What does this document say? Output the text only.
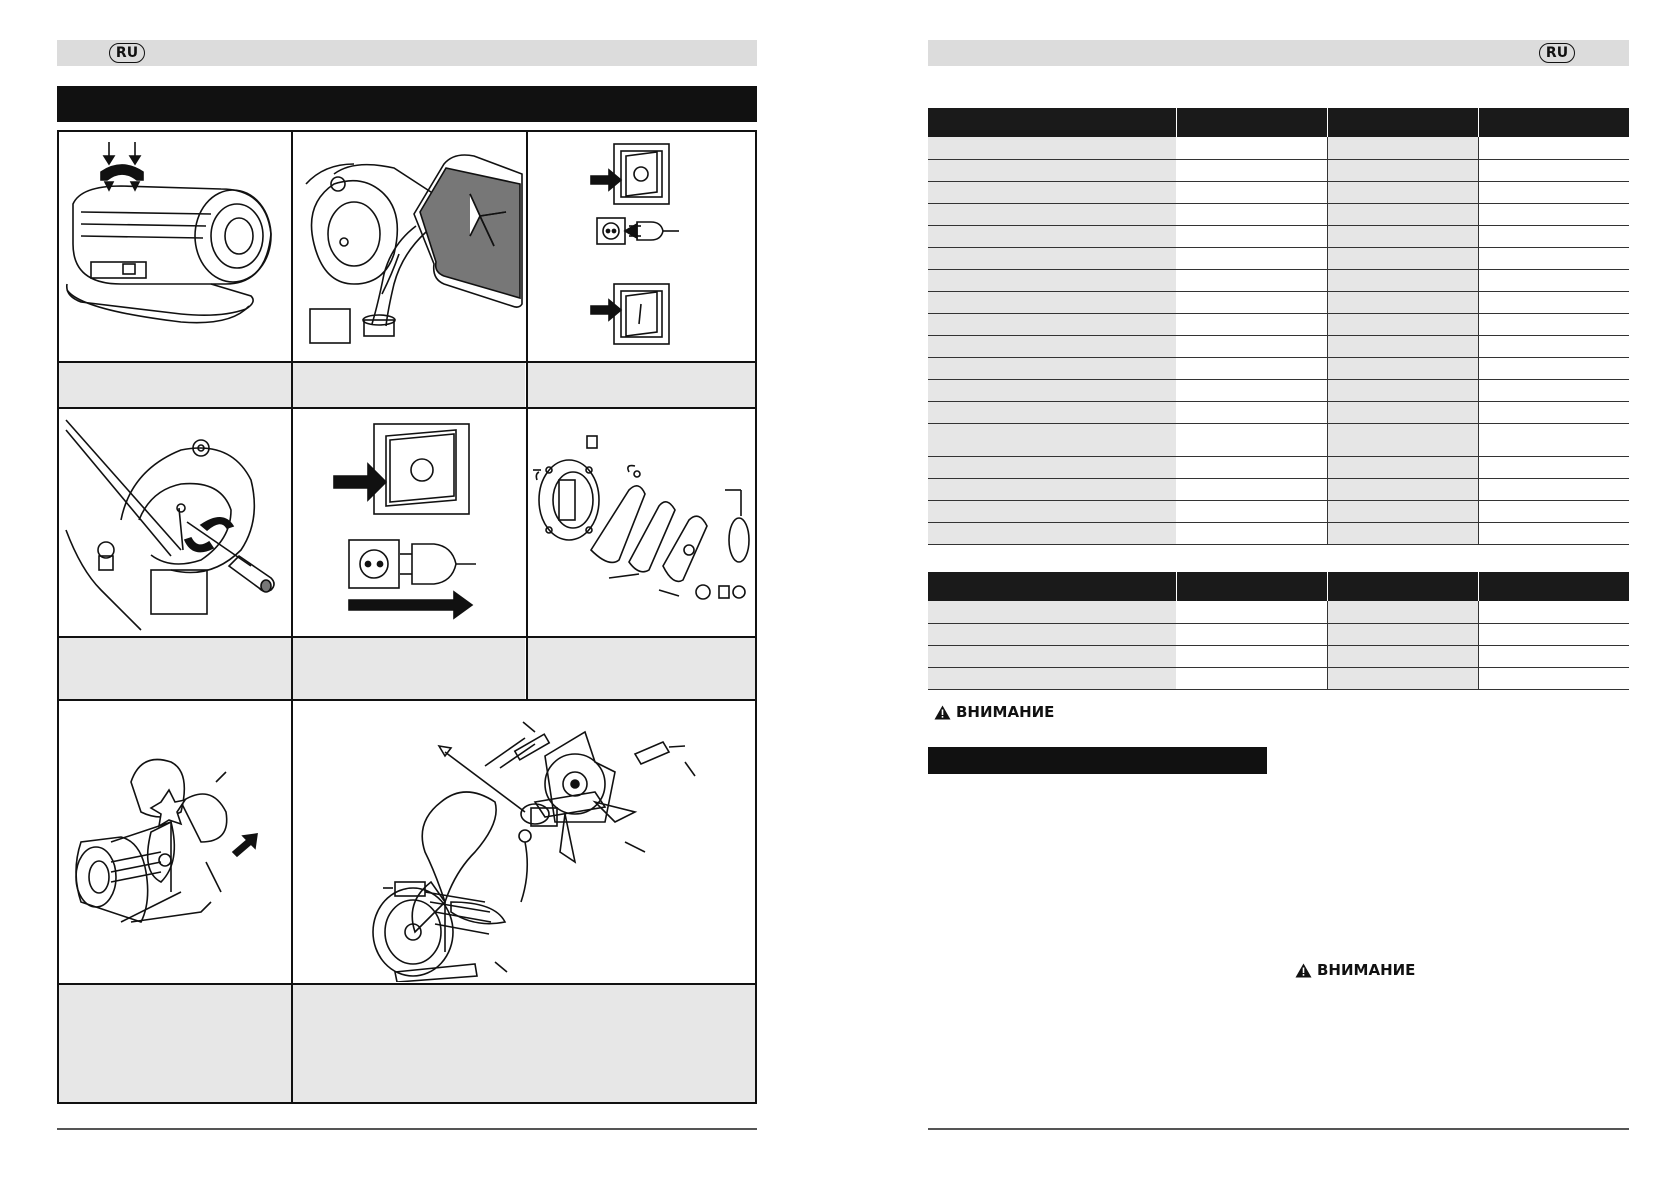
RU	RU

ВНИМАНИЕ
ВНИМАНИЕ
